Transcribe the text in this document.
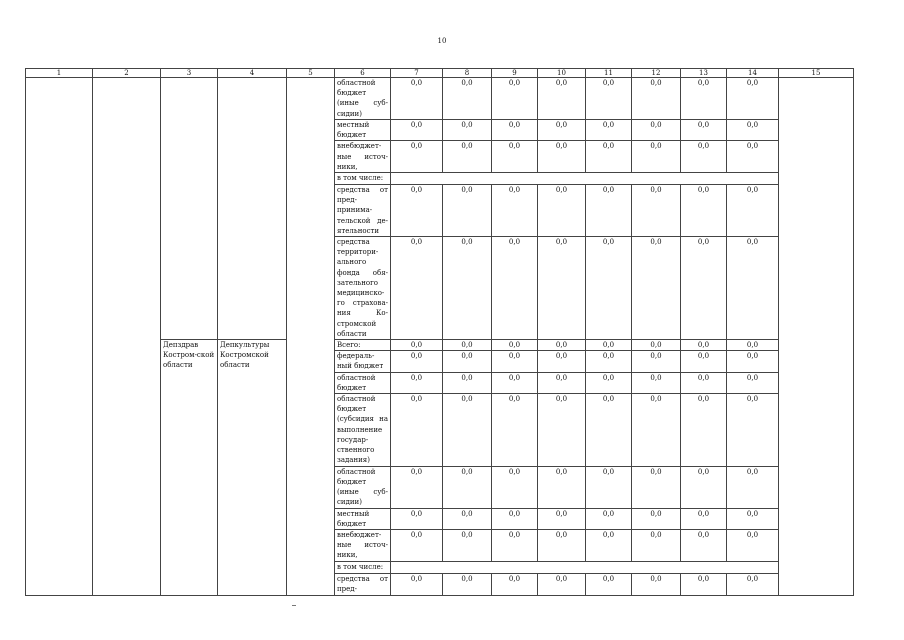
10
1	2	3	4	5	6	7	8	9	10	11	12	13	14	15
					областной бюджет (иные суб-сидии)	0,0	0,0	0,0	0,0	0,0	0,0	0,0	0,0	
					местный бюджет	0,0	0,0	0,0	0,0	0,0	0,0	0,0	0,0	
					внебюджет-ные источ-ники,	0,0	0,0	0,0	0,0	0,0	0,0	0,0	0,0	
					в том числе:									
					средства от пред-принима-тельской де-ятельности	0,0	0,0	0,0	0,0	0,0	0,0	0,0	0,0	
					средства территори-ального фонда обя-зательного медицинско-го страхова-ния Ко-стромской области	0,0	0,0	0,0	0,0	0,0	0,0	0,0	0,0	
		Депздрав Костром-ской области	Депкультуры Костромской области		Всего:	0,0	0,0	0,0	0,0	0,0	0,0	0,0	0,0	
					федераль-ный бюджет	0,0	0,0	0,0	0,0	0,0	0,0	0,0	0,0	
					областной бюджет	0,0	0,0	0,0	0,0	0,0	0,0	0,0	0,0	
					областной бюджет (субсидия на выполнение государ-ственного задания)	0,0	0,0	0,0	0,0	0,0	0,0	0,0	0,0	
					областной бюджет (иные суб-сидии)	0,0	0,0	0,0	0,0	0,0	0,0	0,0	0,0	
					местный бюджет	0,0	0,0	0,0	0,0	0,0	0,0	0,0	0,0	
					внебюджет-ные источ-ники,	0,0	0,0	0,0	0,0	0,0	0,0	0,0	0,0	
					в том числе:									
					средства от пред-	0,0	0,0	0,0	0,0	0,0	0,0	0,0	0,0	
